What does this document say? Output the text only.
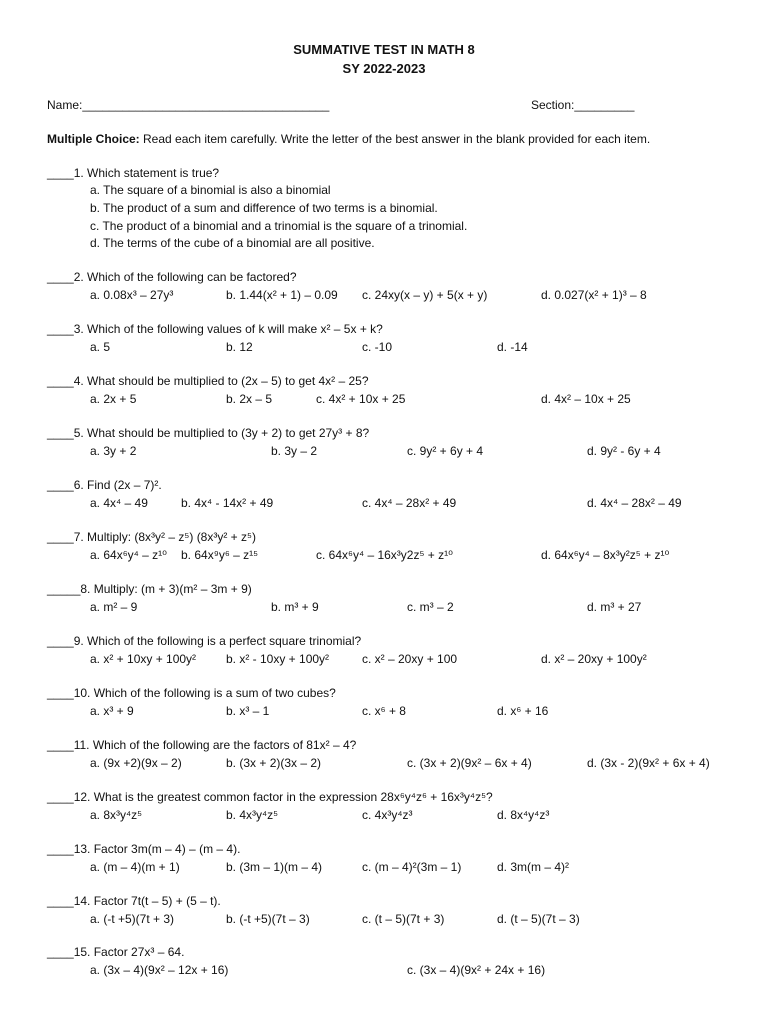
SUMMATIVE TEST IN MATH 8
SY 2022-2023
Name:_____________________________________	Section:_________
Multiple Choice: Read each item carefully. Write the letter of the best answer in the blank provided for each item.
____1. Which statement is true?
a. The square of a binomial is also a binomial
b. The product of a sum and difference of two terms is a binomial.
c. The product of a binomial and a trinomial is the square of a trinomial.
d. The terms of the cube of a binomial are all positive.
____2. Which of the following can be factored?
a. 0.08x³ – 27y³	b. 1.44(x² + 1) – 0.09 c. 24xy(x – y) + 5(x + y)	d. 0.027(x² + 1)³ – 8
____3. Which of the following values of k will make x² – 5x + k?
a. 5	b. 12	c. -10	d. -14
____4. What should be multiplied to (2x – 5) to get 4x² – 25?
a. 2x + 5	b. 2x – 5	c. 4x² + 10x + 25	d. 4x² – 10x + 25
____5. What should be multiplied to (3y + 2) to get 27y³ + 8?
a. 3y + 2	b. 3y – 2	c. 9y² + 6y + 4	d. 9y² - 6y + 4
____6. Find (2x – 7)².
a. 4x⁴ – 49	b. 4x⁴ - 14x² + 49	c. 4x⁴ – 28x² + 49	d. 4x⁴ – 28x² – 49
____7. Multiply: (8x³y² – z⁵) (8x³y² + z⁵)
a. 64x⁶y⁴ – z¹⁰ b. 64x⁹y⁶ – z¹⁵	c. 64x⁶y⁴ – 16x³y2z⁵ + z¹⁰	d. 64x⁶y⁴ – 8x³y²z⁵ + z¹⁰
_____8. Multiply: (m + 3)(m² – 3m + 9)
a. m² – 9	b. m³ + 9	c. m³ – 2	d. m³ + 27
____9. Which of the following is a perfect square trinomial?
a. x² + 10xy + 100y² b. x² - 10xy + 100y²	c. x² – 20xy + 100	d. x² – 20xy + 100y²
____10. Which of the following is a sum of two cubes?
a. x³ + 9	b. x³ – 1	c. x⁶ + 8	d. x⁶ + 16
____11. Which of the following are the factors of 81x² – 4?
a. (9x +2)(9x – 2)	b. (3x + 2)(3x – 2)	c. (3x + 2)(9x² – 6x + 4)	d. (3x - 2)(9x² + 6x + 4)
____12. What is the greatest common factor in the expression 28x⁶y⁴z⁶ + 16x³y⁴z⁵?
a. 8x³y⁴z⁵	b. 4x³y⁴z⁵	c. 4x³y⁴z³	d. 8x⁴y⁴z³
____13. Factor 3m(m – 4) – (m – 4).
a. (m – 4)(m + 1)	b. (3m – 1)(m – 4)	c. (m – 4)²(3m – 1)	d. 3m(m – 4)²
____14. Factor 7t(t – 5) + (5 – t).
a. (-t +5)(7t + 3)	b. (-t +5)(7t – 3)	c. (t – 5)(7t + 3)	d. (t – 5)(7t – 3)
____15. Factor 27x³ – 64.
a. (3x – 4)(9x² – 12x + 16)	c. (3x – 4)(9x² + 24x + 16)
